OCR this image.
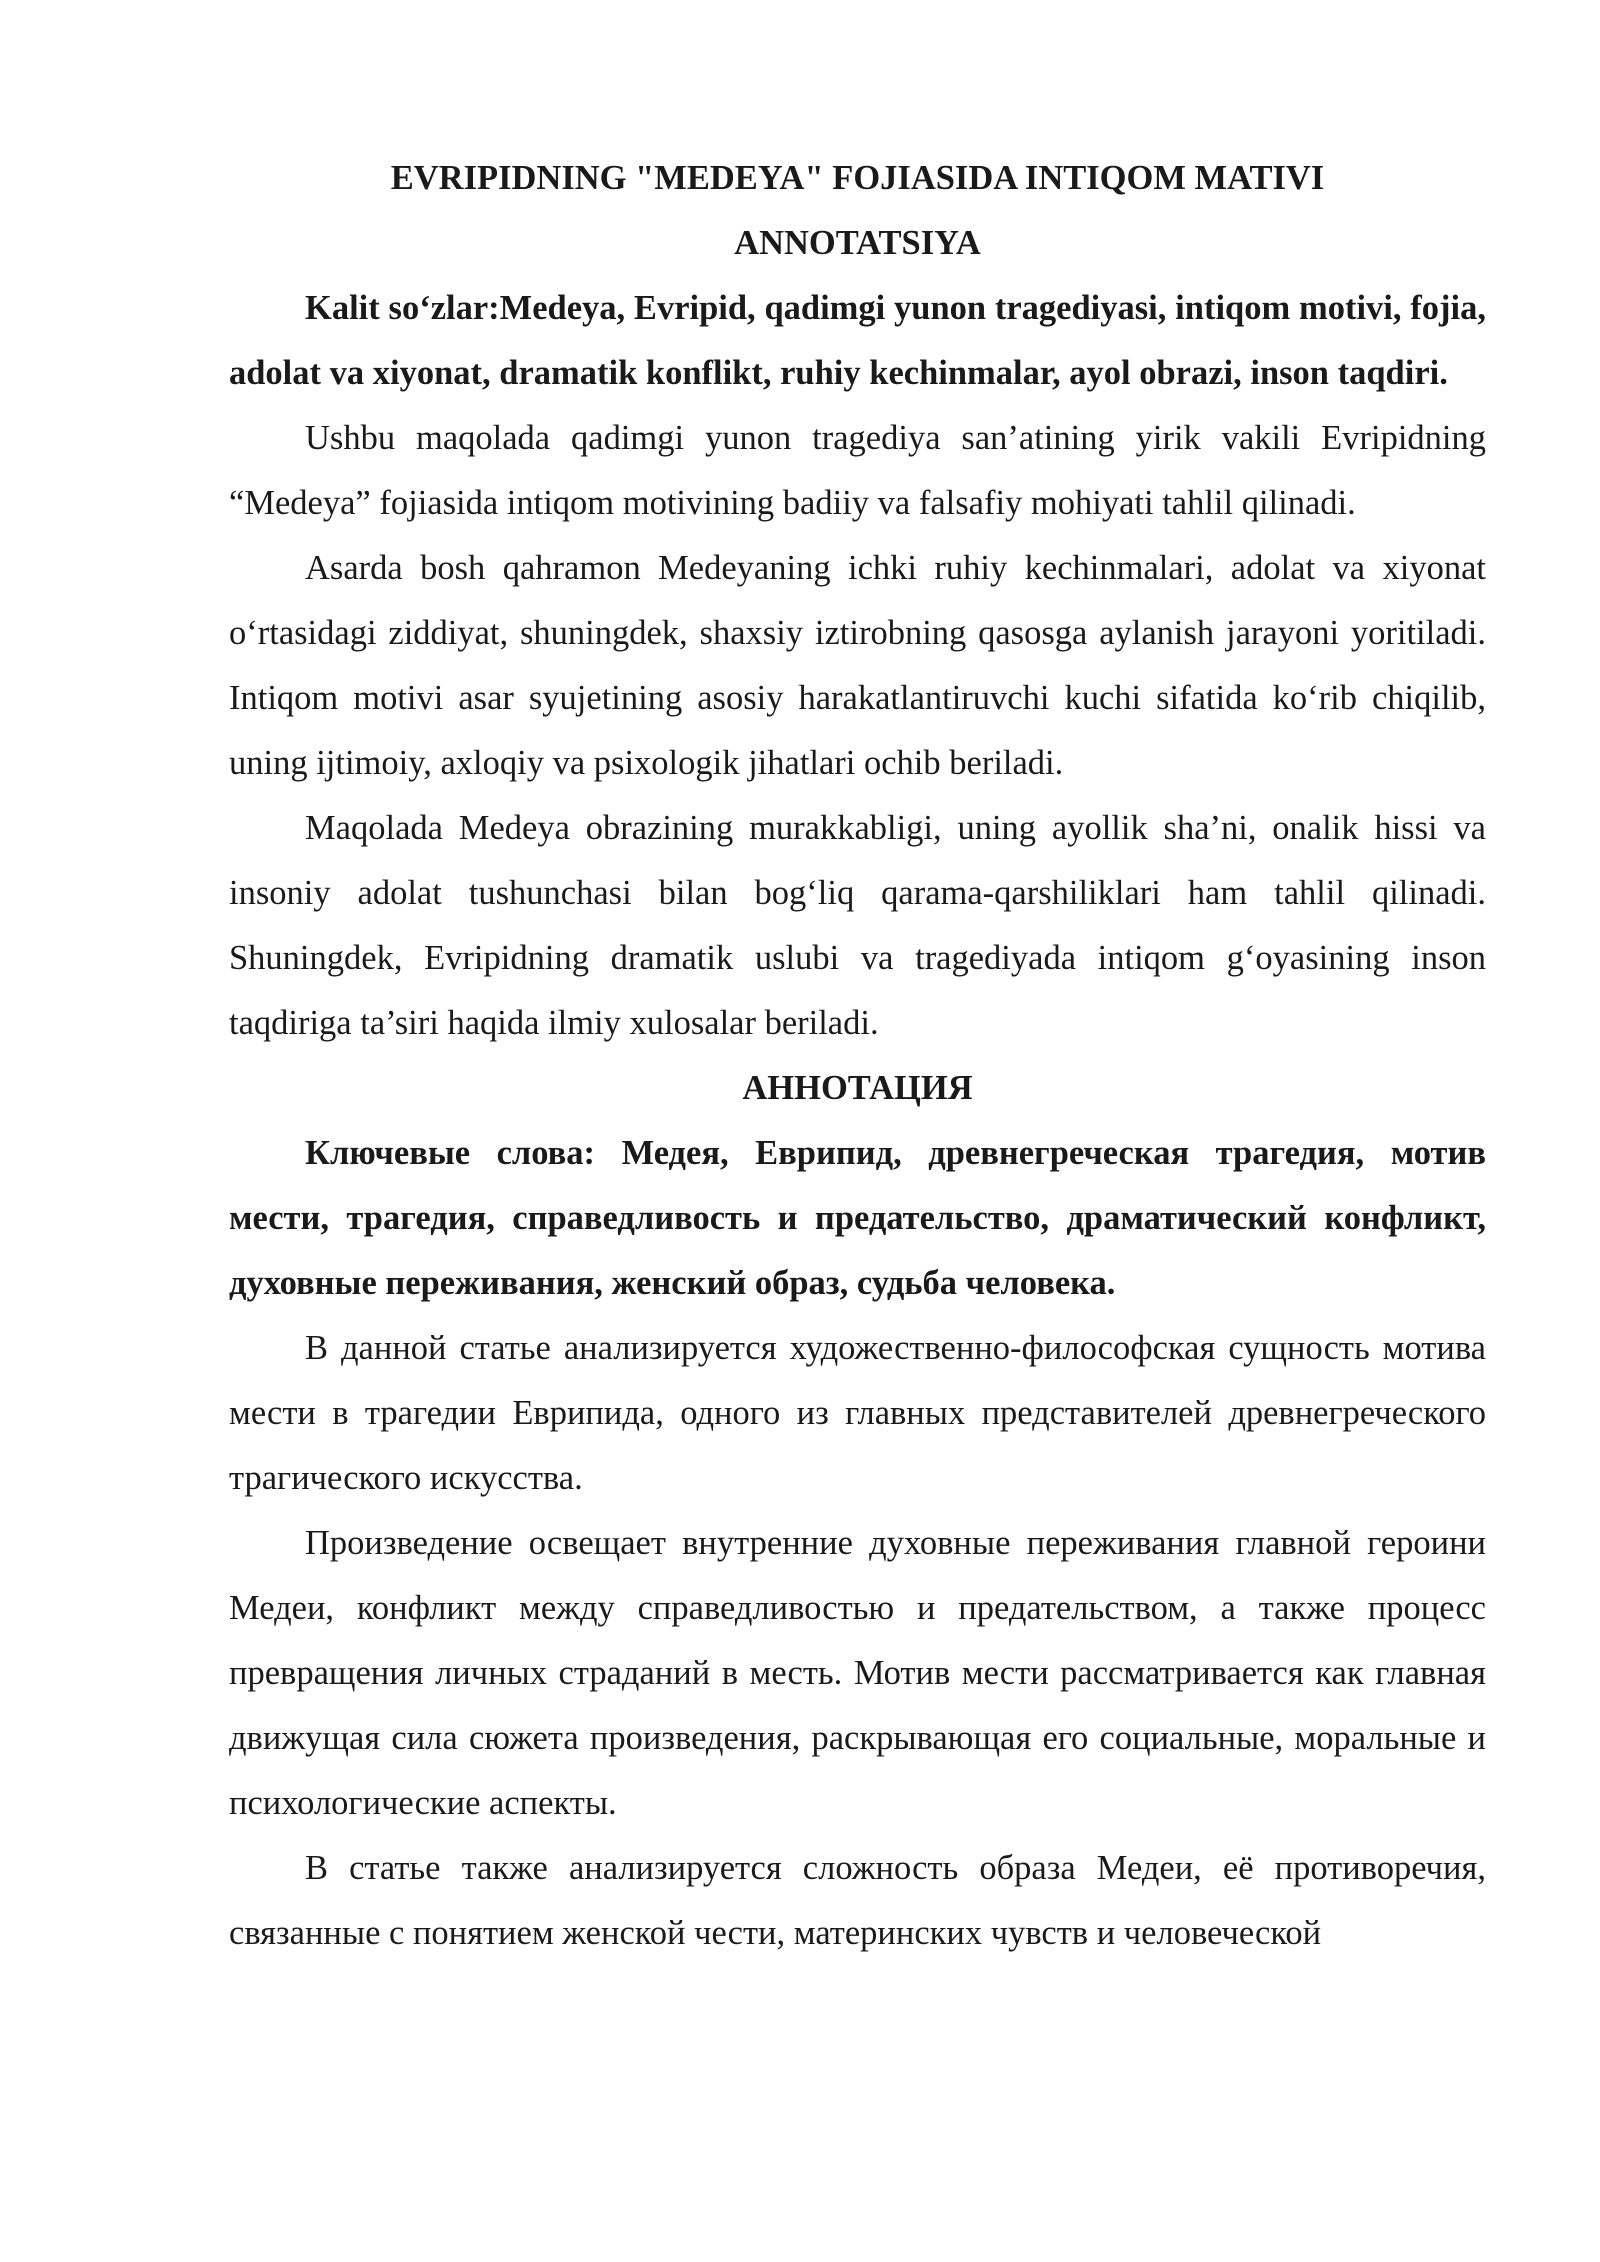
EVRIPIDNING "MEDEYA" FOJIASIDA INTIQOM MATIVI

ANNOTATSIYA

Kalit so‘zlar:Medeya, Evripid, qadimgi yunon tragediyasi, intiqom motivi, fojia, adolat va xiyonat, dramatik konflikt, ruhiy kechinmalar, ayol obrazi, inson taqdiri.

Ushbu maqolada qadimgi yunon tragediya san’atining yirik vakili Evripidning “Medeya” fojiasida intiqom motivining badiiy va falsafiy mohiyati tahlil qilinadi.

Asarda bosh qahramon Medeyaning ichki ruhiy kechinmalari, adolat va xiyonat o‘rtasidagi ziddiyat, shuningdek, shaxsiy iztirobning qasosga aylanish jarayoni yoritiladi. Intiqom motivi asar syujetining asosiy harakatlantiruvchi kuchi sifatida ko‘rib chiqilib, uning ijtimoiy, axloqiy va psixologik jihatlari ochib beriladi.

Maqolada Medeya obrazining murakkabligi, uning ayollik sha’ni, onalik hissi va insoniy adolat tushunchasi bilan bog‘liq qarama-qarshiliklari ham tahlil qilinadi. Shuningdek, Evripidning dramatik uslubi va tragediyada intiqom g‘oyasining inson taqdiriga ta’siri haqida ilmiy xulosalar beriladi.

АННОТАЦИЯ

Ключевые слова: Медея, Еврипид, древнегреческая трагедия, мотив мести, трагедия, справедливость и предательство, драматический конфликт, духовные переживания, женский образ, судьба человека.

В данной статье анализируется художественно-философская сущность мотива мести в трагедии Еврипида, одного из главных представителей древнегреческого трагического искусства.

Произведение освещает внутренние духовные переживания главной героини Медеи, конфликт между справедливостью и предательством, а также процесс превращения личных страданий в месть. Мотив мести рассматривается как главная движущая сила сюжета произведения, раскрывающая его социальные, моральные и психологические аспекты.

В статье также анализируется сложность образа Медеи, её противоречия, связанные с понятием женской чести, материнских чувств и человеческой
